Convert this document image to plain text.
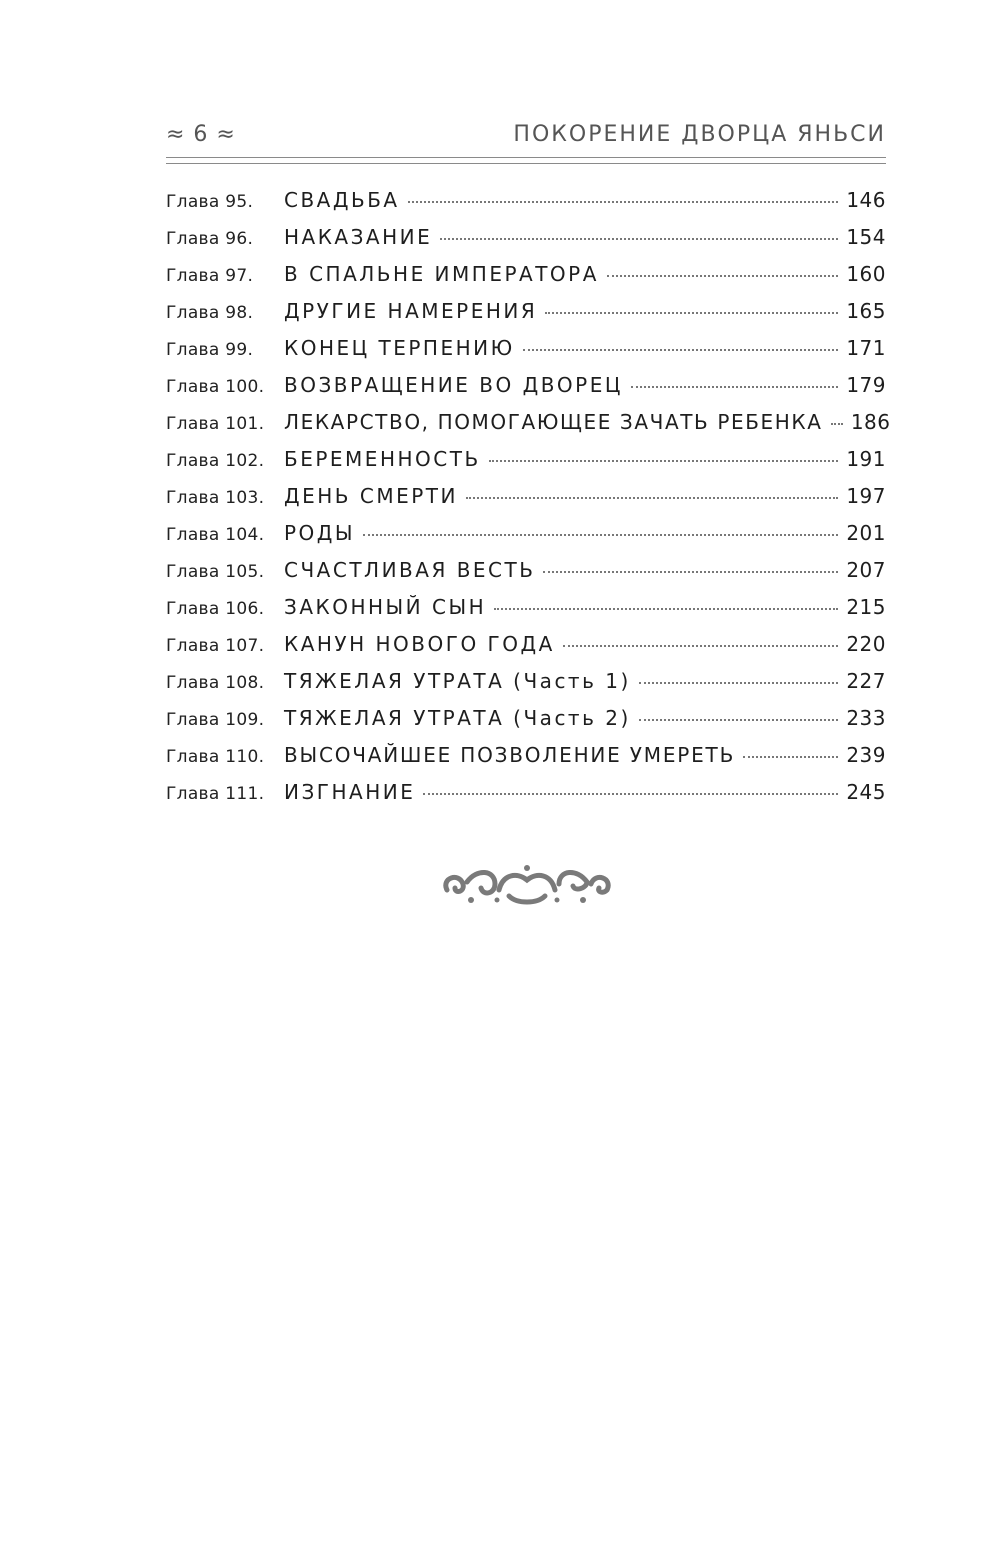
≈ 6 ≈	ПОКОРЕНИЕ ДВОРЦА ЯНЬСИ
Глава 95.	СВАДЬБА	146
Глава 96.	НАКАЗАНИЕ	154
Глава 97.	В СПАЛЬНЕ ИМПЕРАТОРА	160
Глава 98.	ДРУГИЕ НАМЕРЕНИЯ	165
Глава 99.	КОНЕЦ ТЕРПЕНИЮ	171
Глава 100. ВОЗВРАЩЕНИЕ ВО ДВОРЕЦ	179
Глава 101. ЛЕКАРСТВО, ПОМОГАЮЩЕЕ ЗАЧАТЬ РЕБЕНКА 186
Глава 102. БЕРЕМЕННОСТЬ	191
Глава 103. ДЕНЬ СМЕРТИ	197
Глава 104. РОДЫ	201
Глава 105. СЧАСТЛИВАЯ ВЕСТЬ	207
Глава 106. ЗАКОННЫЙ СЫН	215
Глава 107. КАНУН НОВОГО ГОДА	220
Глава 108. ТЯЖЕЛАЯ УТРАТА (Часть 1)	227
Глава 109. ТЯЖЕЛАЯ УТРАТА (Часть 2)	233
Глава 110. ВЫСОЧАЙШЕЕ ПОЗВОЛЕНИЕ УМЕРЕТЬ	239
Глава 111. ИЗГНАНИЕ	245
